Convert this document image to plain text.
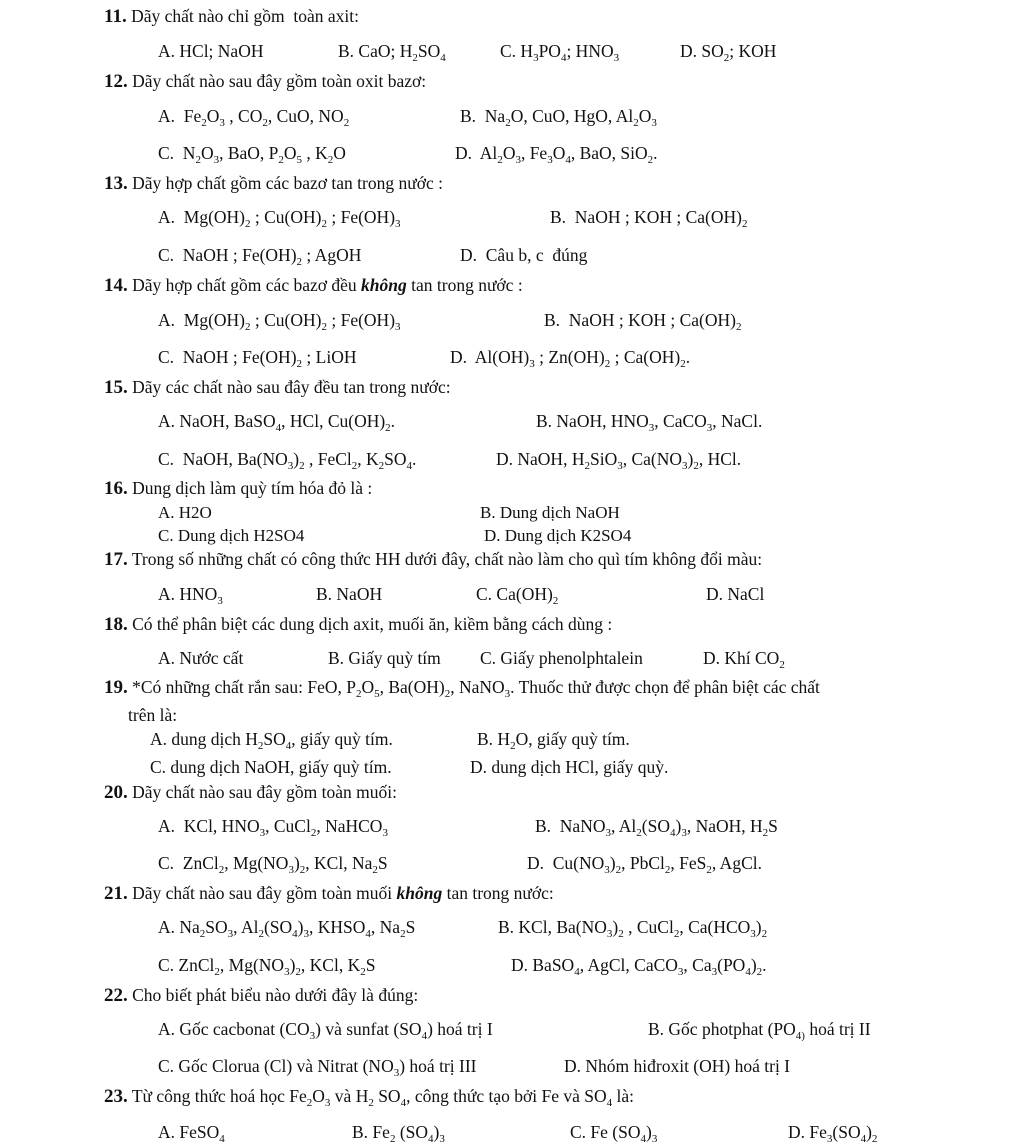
11. Dãy chất nào chỉ gồm  toàn axit:
A. HCl; NaOH	B. CaO; $H_2SO_4$	C. $H_3PO_4$; $HNO_3$	D. $SO_2$; KOH
12. Dãy chất nào sau đây gồm toàn oxit bazơ:
A.  $Fe_2O_3$ , $CO_2$, CuO, $NO_2$	B.  $Na_2O$, CuO, HgO, $Al_2O_3$
C.  $N_2O_3$, BaO, $P_2O_5$ , $K_2O$	D.  $Al_2O_3$, $Fe_3O_4$, BaO, SiO$_2$.
13. Dãy hợp chất gồm các bazơ tan trong nước :
A.  $Mg(OH)_2$ ; $Cu(OH)_2$ ; $Fe(OH)_3$	B.  NaOH ; KOH ; $Ca(OH)_2$
C.  NaOH ; $Fe(OH)_2$ ; AgOH	D.  Câu b, c  đúng
14. Dãy hợp chất gồm các bazơ đều không tan trong nước :
A.  $Mg(OH)_2$ ; $Cu(OH)_2$ ; $Fe(OH)_3$	B.  NaOH ; KOH ; $Ca(OH)_2$
C.  NaOH ; $Fe(OH)_2$ ; LiOH	D.  $Al(OH)_3$ ; $Zn(OH)_2$ ; $Ca(OH)_2$.
15. Dãy các chất nào sau đây đều tan trong nước:
A. NaOH, BaSO$_4$, HCl, $Cu(OH)_2$.	B. NaOH, $HNO_3$, CaCO$_3$, NaCl.
C.  NaOH, $Ba(NO_3)_2$ , FeCl$_2$, $K_2SO_4$.	D. NaOH, $H_2SiO_3$, $Ca(NO_3)_2$, HCl.
16. Dung dịch làm quỳ tím hóa đỏ là :
A. H2O	B. Dung dịch NaOH
C. Dung dịch H2SO4	D. Dung dịch K2SO4
17. Trong số những chất có công thức HH dưới đây, chất nào làm cho quì tím không đổi màu:
A. $HNO_3$	B. NaOH	C. $Ca(OH)_2$	D. NaCl
18. Có thể phân biệt các dung dịch axit, muối ăn, kiềm bằng cách dùng :
A. Nước cất	B. Giấy quỳ tím C. Giấy phenolphtalein	D. Khí $CO_2$
19. *Có những chất rắn sau: FeO, $P_2O_5$, $Ba(OH)_2$, NaNO$_3$. Thuốc thử được chọn để phân biệt các chất
trên là:
A. dung dịch $H_2SO_4$, giấy quỳ tím.	B. $H_2O$, giấy quỳ tím.
C. dung dịch NaOH, giấy quỳ tím.	D. dung dịch HCl, giấy quỳ.
20. Dãy chất nào sau đây gồm toàn muối:
A.  KCl, $HNO_3$, CuCl$_2$, NaHCO$_3$	B.  NaNO$_3$, $Al_2(SO_4)_3$, NaOH, $H_2S$
C.  ZnCl$_2$, $Mg(NO_3)_2$, KCl, $Na_2S$	D.  $Cu(NO_3)_2$, PbCl$_2$, FeS$_2$, AgCl.
21. Dãy chất nào sau đây gồm toàn muối không tan trong nước:
A. $Na_2SO_3$, $Al_2(SO_4)_3$, $KHSO_4$, $Na_2S$	B. KCl, $Ba(NO_3)_2$ , CuCl$_2$, $Ca(HCO_3)_2$
C. ZnCl$_2$, $Mg(NO_3)_2$, KCl, $K_2S$	D. BaSO$_4$, AgCl, CaCO$_3$, $Ca_3(PO_4)_2$.
22. Cho biết phát biểu nào dưới đây là đúng:
A. Gốc cacbonat $(CO_3)$ và sunfat $(SO_4)$ hoá trị I	B. Gốc photphat ($PO_{4)}$ hoá trị II
C. Gốc Clorua (Cl) và Nitrat $(NO_3)$ hoá trị III	D. Nhóm hiđroxit (OH) hoá trị I
23. Từ công thức hoá học $Fe_2O_3$ và $H_2$ $SO_4$, công thức tạo bởi Fe và $SO_4$ là:
A. FeSO$_4$	B. $Fe_2$ $(SO_4)_3$	C. Fe $(SO_4)_3$	D. $Fe_3(SO_4)_2$
